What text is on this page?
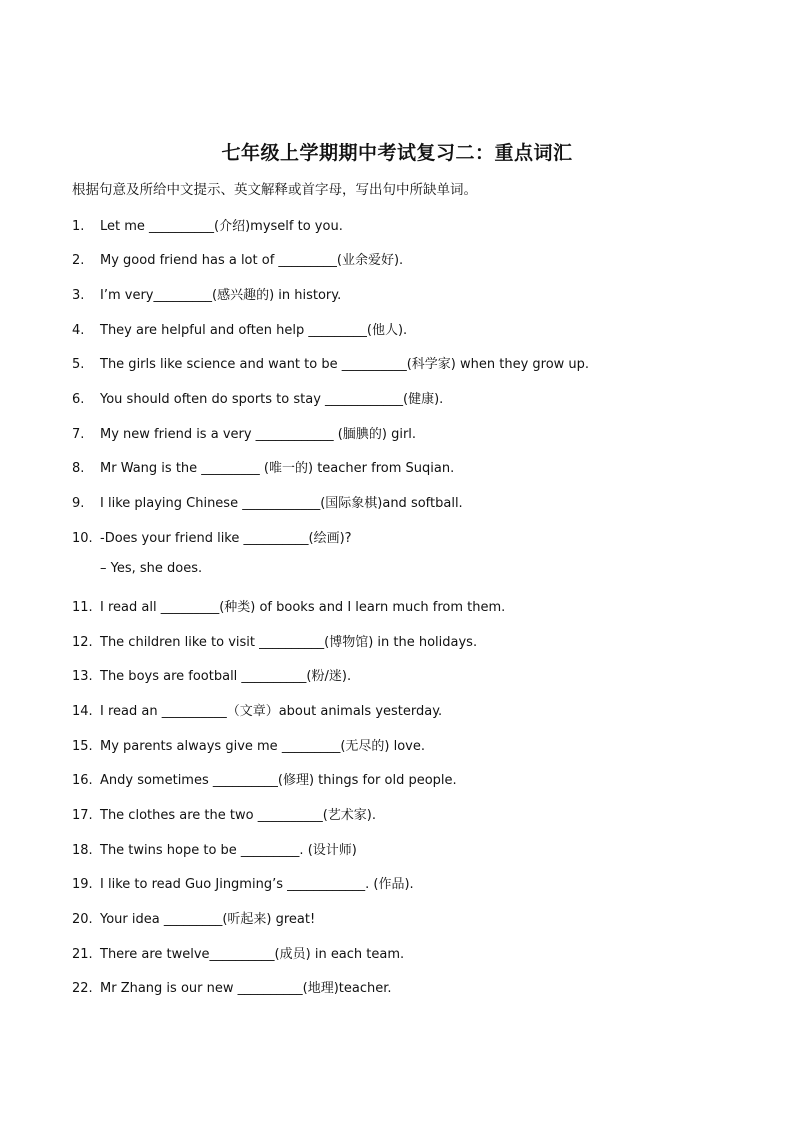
七年级上学期期中考试复习二：重点词汇
根据句意及所给中文提示、英文解释或首字母，写出句中所缺单词。
1. Let me __________(介绍)myself to you.
2. My good friend has a lot of _________(业余爱好).
3. I’m very_________(感兴趣的) in history.
4. They are helpful and often help _________(他人).
5. The girls like science and want to be __________(科学家) when they grow up.
6. You should often do sports to stay ____________(健康).
7. My new friend is a very ____________ (腼腆的) girl.
8. Mr Wang is the _________ (唯一的) teacher from Suqian.
9. I like playing Chinese ____________(国际象棋)and softball.
10. -Does your friend like __________(绘画)?
– Yes, she does.
11. I read all _________(种类) of books and I learn much from them.
12. The children like to visit __________(博物馆) in the holidays.
13. The boys are football __________(粉/迷).
14. I read an __________（文章）about animals yesterday.
15. My parents always give me _________(无尽的) love.
16. Andy sometimes __________(修理) things for old people.
17. The clothes are the two __________(艺术家).
18. The twins hope to be _________. (设计师)
19. I like to read Guo Jingming’s ____________. (作品).
20. Your idea _________(听起来) great!
21. There are twelve__________(成员) in each team.
22. Mr Zhang is our new __________(地理)teacher.
